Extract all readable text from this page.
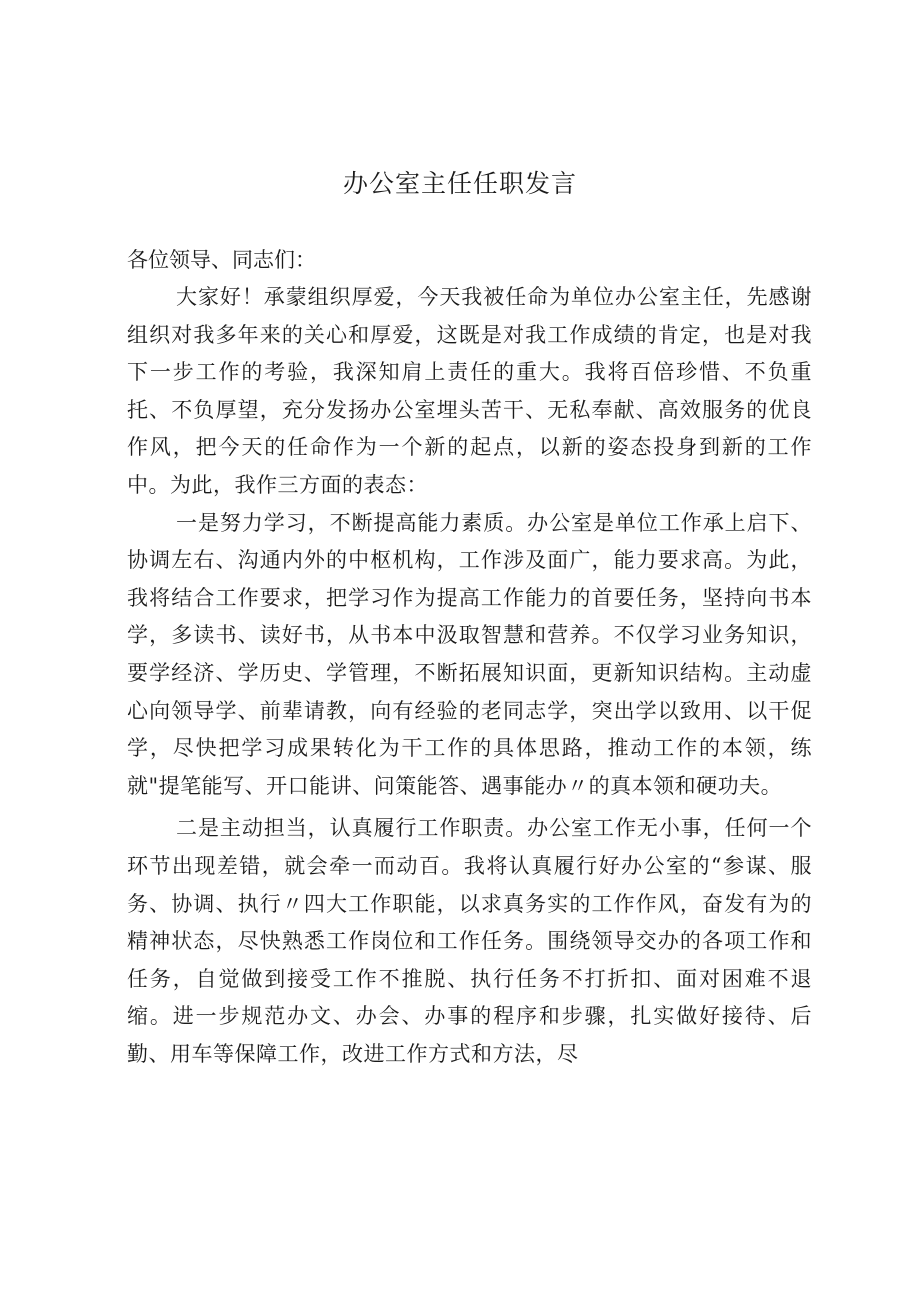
办公室主任任职发言

各位领导、同志们：

大家好！承蒙组织厚爱，今天我被任命为单位办公室主任，先感谢组织对我多年来的关心和厚爱，这既是对我工作成绩的肯定，也是对我下一步工作的考验，我深知肩上责任的重大。我将百倍珍惜、不负重托、不负厚望，充分发扬办公室埋头苦干、无私奉献、高效服务的优良作风，把今天的任命作为一个新的起点，以新的姿态投身到新的工作中。为此，我作三方面的表态：

一是努力学习，不断提高能力素质。办公室是单位工作承上启下、协调左右、沟通内外的中枢机构，工作涉及面广，能力要求高。为此，我将结合工作要求，把学习作为提高工作能力的首要任务，坚持向书本学，多读书、读好书，从书本中汲取智慧和营养。不仅学习业务知识，要学经济、学历史、学管理，不断拓展知识面，更新知识结构。主动虚心向领导学、前辈请教，向有经验的老同志学，突出学以致用、以干促学，尽快把学习成果转化为干工作的具体思路，推动工作的本领，练就"提笔能写、开口能讲、问策能答、遇事能办〃的真本领和硬功夫。

二是主动担当，认真履行工作职责。办公室工作无小事，任何一个环节出现差错，就会牵一而动百。我将认真履行好办公室的“参谋、服务、协调、执行〃四大工作职能，以求真务实的工作作风，奋发有为的精神状态，尽快熟悉工作岗位和工作任务。围绕领导交办的各项工作和任务，自觉做到接受工作不推脱、执行任务不打折扣、面对困难不退缩。进一步规范办文、办会、办事的程序和步骤，扎实做好接待、后勤、用车等保障工作，改进工作方式和方法，尽
